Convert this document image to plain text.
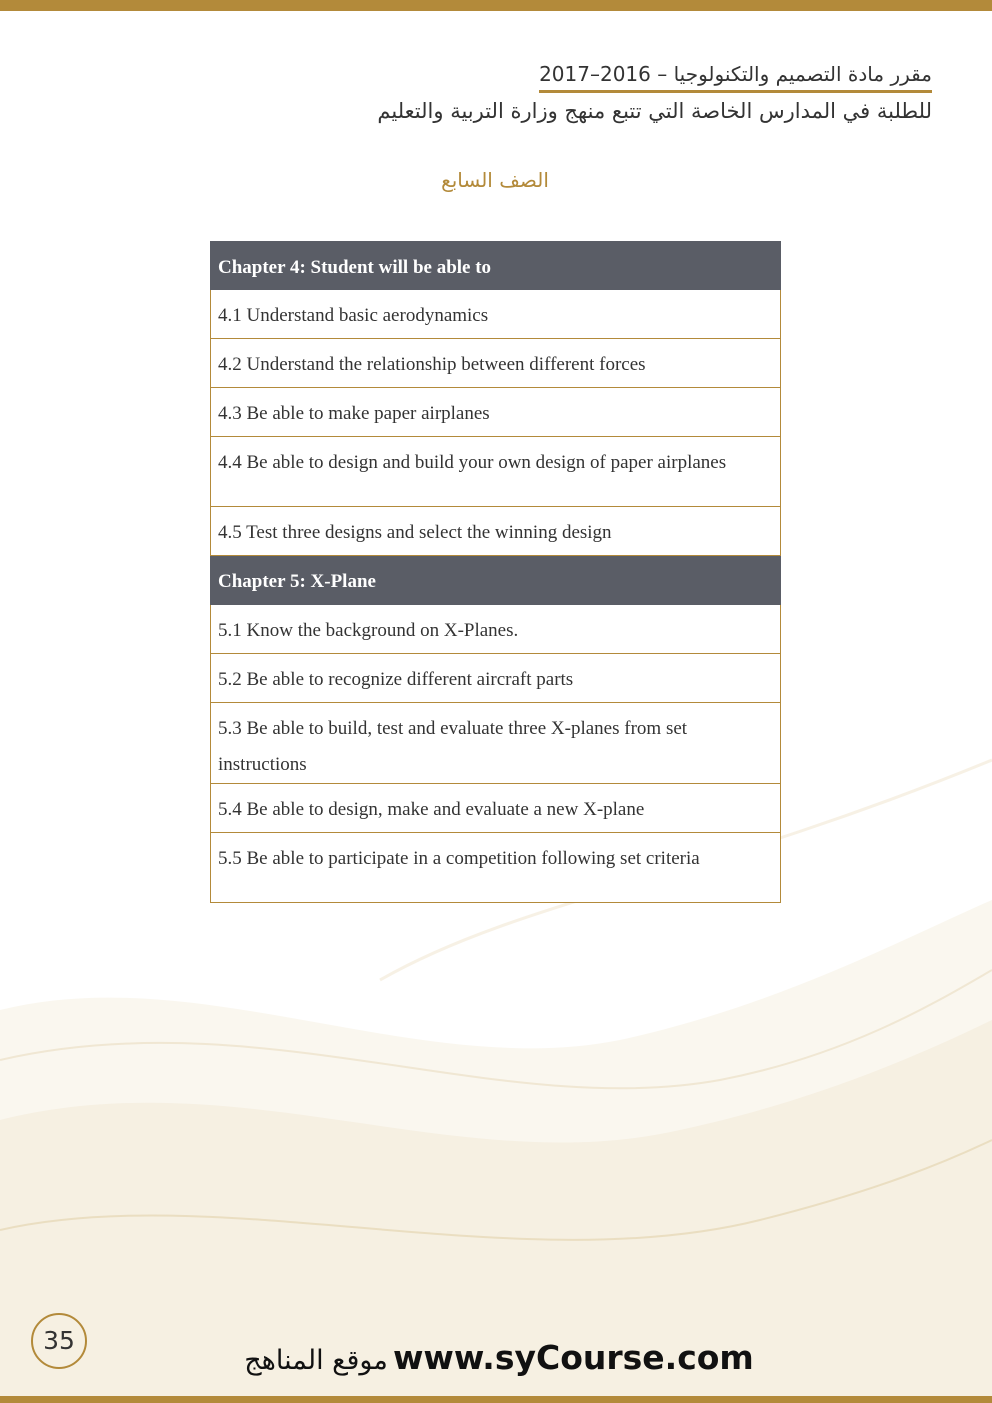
مقرر مادة التصميم والتكنولوجيا – 2016–2017
للطلبة في المدارس الخاصة التي تتبع منهج وزارة التربية والتعليم
الصف السابع
Chapter 4: Student will be able to
4.1 Understand basic aerodynamics
4.2 Understand the relationship between different forces
4.3 Be able to make paper airplanes
4.4 Be able to design and build your own design of paper airplanes
4.5 Test three designs and select the winning design
Chapter 5: X-Plane
5.1 Know the background on X-Planes.
5.2 Be able to recognize different aircraft parts
5.3 Be able to build, test and evaluate three X-planes from set instructions
5.4 Be able to design, make and evaluate a new X-plane
5.5 Be able to participate in a competition following set criteria
35
موقع المناهج www.syCourse.com
